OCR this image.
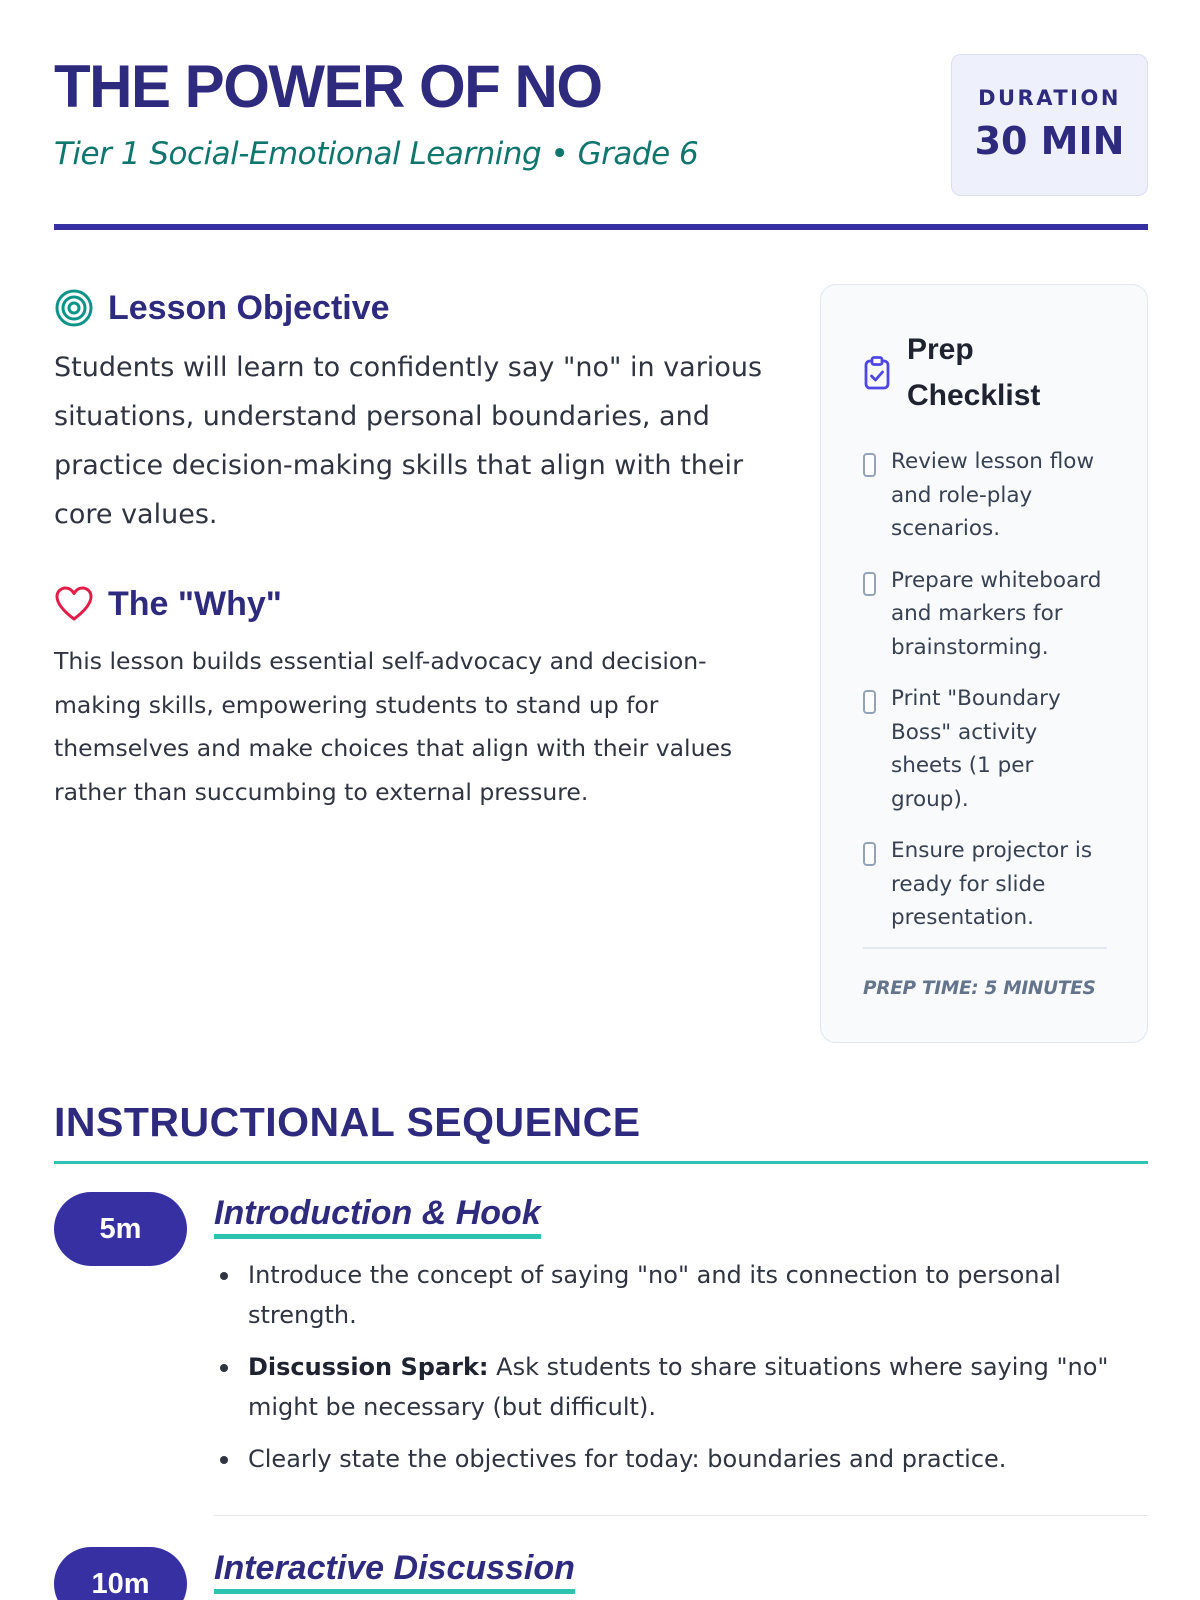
THE POWER OF NO
Tier 1 Social-Emotional Learning • Grade 6
DURATION
30 MIN
Lesson Objective

Students will learn to confidently say "no" in various situations, understand personal boundaries, and practice decision-making skills that align with their core values.

The "Why"

This lesson builds essential self-advocacy and decision-making skills, empowering students to stand up for themselves and make choices that align with their values rather than succumbing to external pressure.

Prep Checklist
Review lesson flow and role-play scenarios.
Prepare whiteboard and markers for brainstorming.
Print "Boundary Boss" activity sheets (1 per group).
Ensure projector is ready for slide presentation.
PREP TIME: 5 MINUTES
INSTRUCTIONAL SEQUENCE
5m	Introduction & Hook
Introduce the concept of saying "no" and its connection to personal strength.
Discussion Spark: Ask students to share situations where saying "no" might be necessary (but difficult).
Clearly state the objectives for today: boundaries and practice.
10m	Interactive Discussion
